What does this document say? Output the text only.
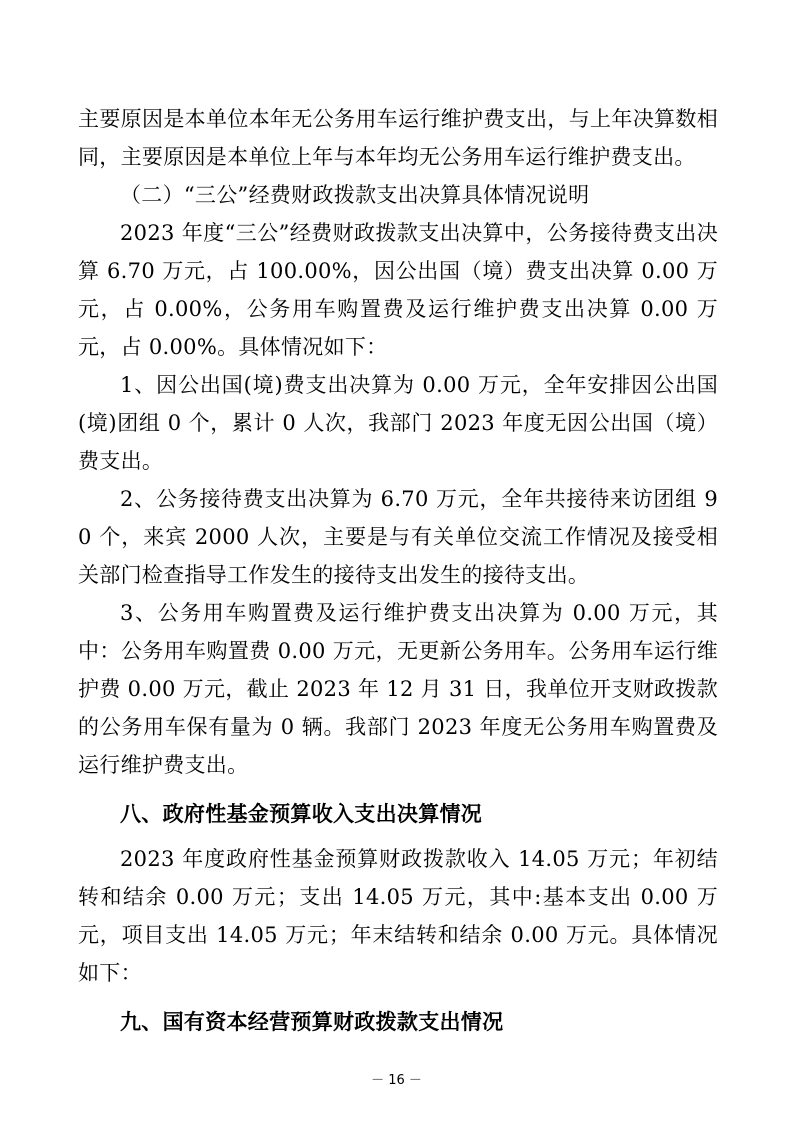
主要原因是本单位本年无公务用车运行维护费支出，与上年决算数相同，主要原因是本单位上年与本年均无公务用车运行维护费支出。

（二）“三公”经费财政拨款支出决算具体情况说明

2023 年度“三公”经费财政拨款支出决算中，公务接待费支出决算 6.70 万元，占 100.00%，因公出国（境）费支出决算 0.00 万元，占 0.00%，公务用车购置费及运行维护费支出决算 0.00 万元，占 0.00%。具体情况如下：

1、因公出国(境)费支出决算为 0.00 万元，全年安排因公出国(境)团组 0 个，累计 0 人次，我部门 2023 年度无因公出国（境）费支出。

2、公务接待费支出决算为 6.70 万元，全年共接待来访团组 90 个，来宾 2000 人次，主要是与有关单位交流工作情况及接受相关部门检查指导工作发生的接待支出发生的接待支出。

3、公务用车购置费及运行维护费支出决算为 0.00 万元，其中：公务用车购置费 0.00 万元，无更新公务用车。公务用车运行维护费 0.00 万元，截止 2023 年 12 月 31 日，我单位开支财政拨款的公务用车保有量为 0 辆。我部门 2023 年度无公务用车购置费及运行维护费支出。

八、政府性基金预算收入支出决算情况

2023 年度政府性基金预算财政拨款收入 14.05 万元；年初结转和结余 0.00 万元；支出 14.05 万元，其中:基本支出 0.00 万元，项目支出 14.05 万元；年末结转和结余 0.00 万元。具体情况如下：

九、国有资本经营预算财政拨款支出情况
－ 16 －
